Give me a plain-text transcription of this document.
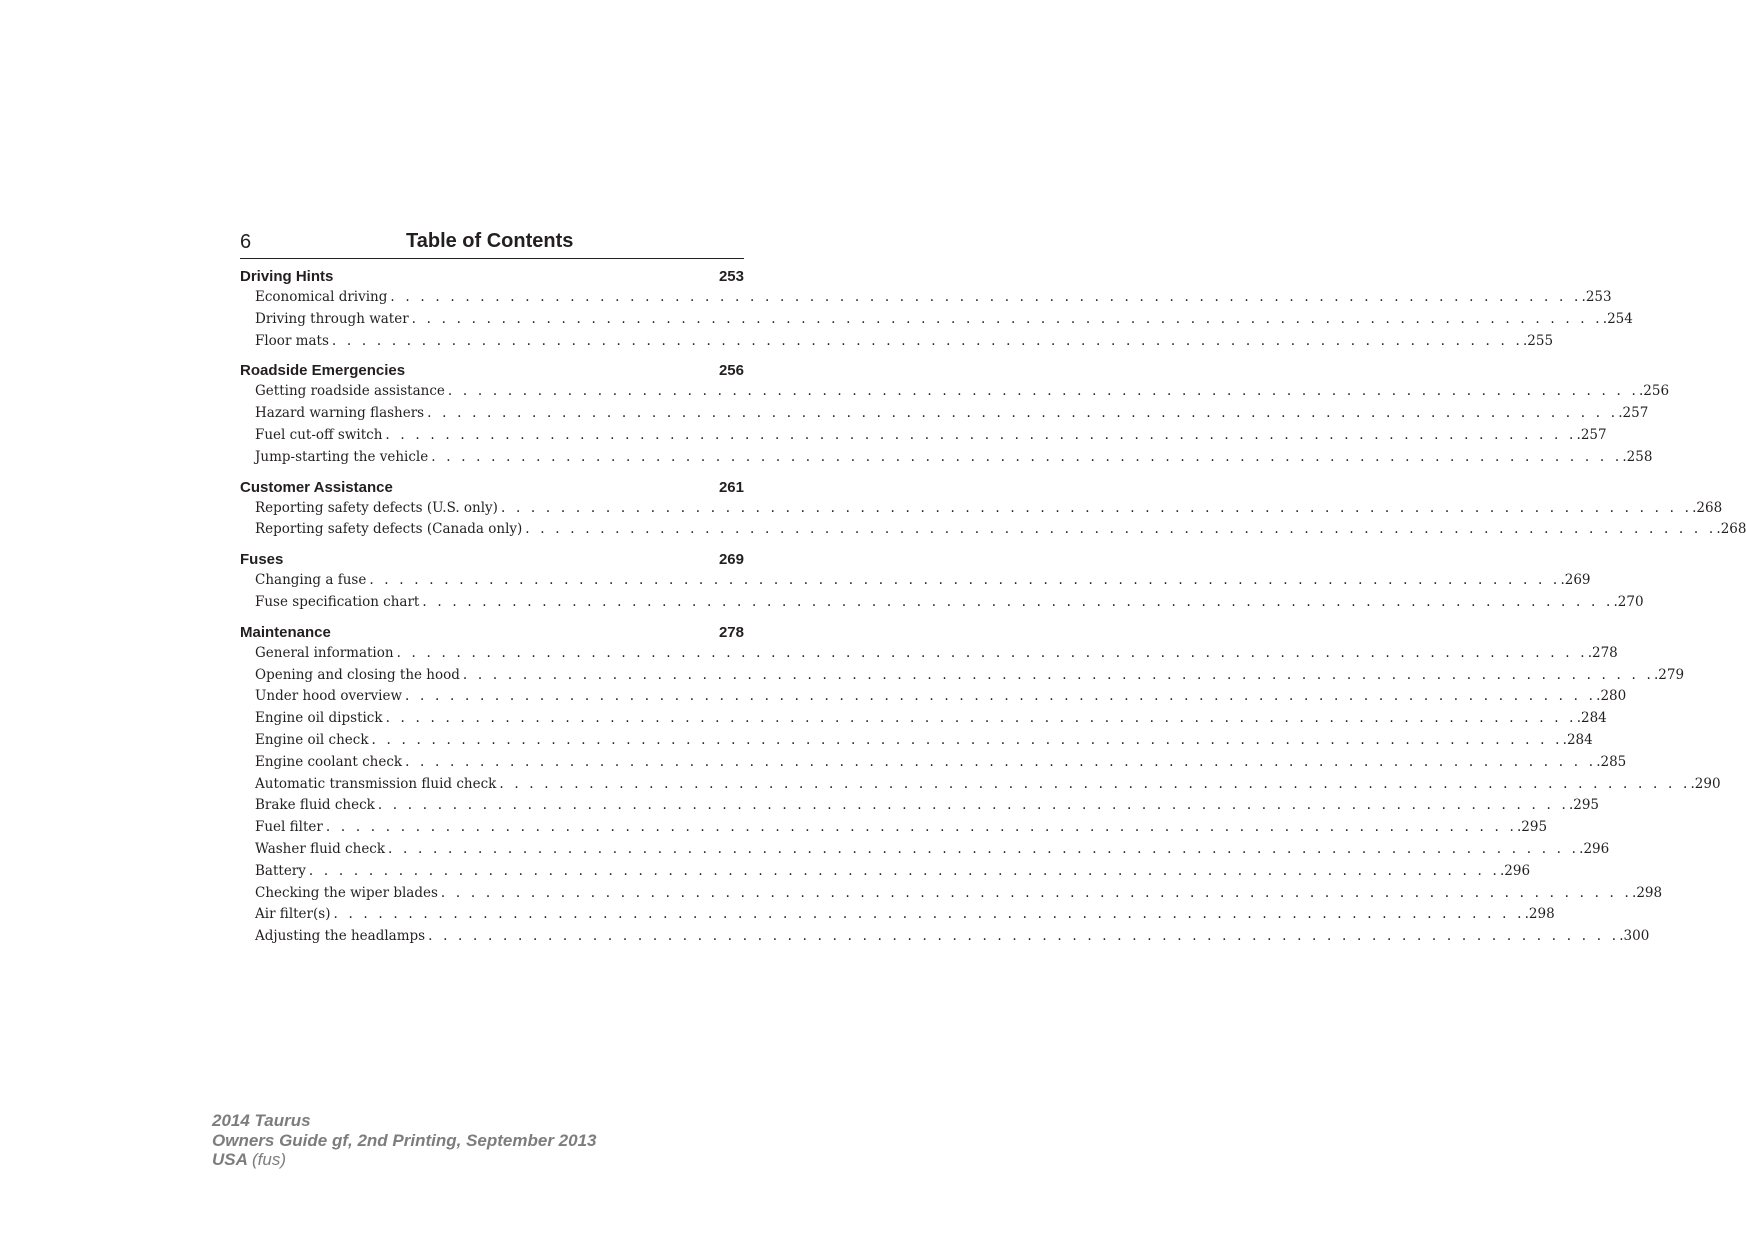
6	Table of Contents
Driving Hints	253
Economical driving . . . . . . . . . . . . . . . . . . . . . . . . . . . . . . . . . . . . . . . . . . . . . . . . . . . . . . . . . . . . . . . . . . . . . . . . . . . . . . . . .253
Driving through water . . . . . . . . . . . . . . . . . . . . . . . . . . . . . . . . . . . . . . . . . . . . . . . . . . . . . . . . . . . . . . . . . . . . . . . . . . . . . . . . .254
Floor mats . . . . . . . . . . . . . . . . . . . . . . . . . . . . . . . . . . . . . . . . . . . . . . . . . . . . . . . . . . . . . . . . . . . . . . . . . . . . . . . . .255
Roadside Emergencies	256
Getting roadside assistance . . . . . . . . . . . . . . . . . . . . . . . . . . . . . . . . . . . . . . . . . . . . . . . . . . . . . . . . . . . . . . . . . . . . . . . . . . . . . . . . .256
Hazard warning flashers . . . . . . . . . . . . . . . . . . . . . . . . . . . . . . . . . . . . . . . . . . . . . . . . . . . . . . . . . . . . . . . . . . . . . . . . . . . . . . . . .257
Fuel cut-off switch . . . . . . . . . . . . . . . . . . . . . . . . . . . . . . . . . . . . . . . . . . . . . . . . . . . . . . . . . . . . . . . . . . . . . . . . . . . . . . . . .257
Jump-starting the vehicle . . . . . . . . . . . . . . . . . . . . . . . . . . . . . . . . . . . . . . . . . . . . . . . . . . . . . . . . . . . . . . . . . . . . . . . . . . . . . . . . .258
Customer Assistance	261
Reporting safety defects (U.S. only) . . . . . . . . . . . . . . . . . . . . . . . . . . . . . . . . . . . . . . . . . . . . . . . . . . . . . . . . . . . . . . . . . . . . . . . . . . . . . . . . .268
Reporting safety defects (Canada only) . . . . . . . . . . . . . . . . . . . . . . . . . . . . . . . . . . . . . . . . . . . . . . . . . . . . . . . . . . . . . . . . . . . . . . . . . . . . . . . . .268
Fuses	269
Changing a fuse . . . . . . . . . . . . . . . . . . . . . . . . . . . . . . . . . . . . . . . . . . . . . . . . . . . . . . . . . . . . . . . . . . . . . . . . . . . . . . . . .269
Fuse specification chart . . . . . . . . . . . . . . . . . . . . . . . . . . . . . . . . . . . . . . . . . . . . . . . . . . . . . . . . . . . . . . . . . . . . . . . . . . . . . . . . .270
Maintenance	278
General information . . . . . . . . . . . . . . . . . . . . . . . . . . . . . . . . . . . . . . . . . . . . . . . . . . . . . . . . . . . . . . . . . . . . . . . . . . . . . . . . .278
Opening and closing the hood . . . . . . . . . . . . . . . . . . . . . . . . . . . . . . . . . . . . . . . . . . . . . . . . . . . . . . . . . . . . . . . . . . . . . . . . . . . . . . . . .279
Under hood overview . . . . . . . . . . . . . . . . . . . . . . . . . . . . . . . . . . . . . . . . . . . . . . . . . . . . . . . . . . . . . . . . . . . . . . . . . . . . . . . . .280
Engine oil dipstick . . . . . . . . . . . . . . . . . . . . . . . . . . . . . . . . . . . . . . . . . . . . . . . . . . . . . . . . . . . . . . . . . . . . . . . . . . . . . . . . .284
Engine oil check . . . . . . . . . . . . . . . . . . . . . . . . . . . . . . . . . . . . . . . . . . . . . . . . . . . . . . . . . . . . . . . . . . . . . . . . . . . . . . . . .284
Engine coolant check . . . . . . . . . . . . . . . . . . . . . . . . . . . . . . . . . . . . . . . . . . . . . . . . . . . . . . . . . . . . . . . . . . . . . . . . . . . . . . . . .285
Automatic transmission fluid check . . . . . . . . . . . . . . . . . . . . . . . . . . . . . . . . . . . . . . . . . . . . . . . . . . . . . . . . . . . . . . . . . . . . . . . . . . . . . . . . .290
Brake fluid check . . . . . . . . . . . . . . . . . . . . . . . . . . . . . . . . . . . . . . . . . . . . . . . . . . . . . . . . . . . . . . . . . . . . . . . . . . . . . . . . .295
Fuel filter . . . . . . . . . . . . . . . . . . . . . . . . . . . . . . . . . . . . . . . . . . . . . . . . . . . . . . . . . . . . . . . . . . . . . . . . . . . . . . . . .295
Washer fluid check . . . . . . . . . . . . . . . . . . . . . . . . . . . . . . . . . . . . . . . . . . . . . . . . . . . . . . . . . . . . . . . . . . . . . . . . . . . . . . . . .296
Battery . . . . . . . . . . . . . . . . . . . . . . . . . . . . . . . . . . . . . . . . . . . . . . . . . . . . . . . . . . . . . . . . . . . . . . . . . . . . . . . . .296
Checking the wiper blades . . . . . . . . . . . . . . . . . . . . . . . . . . . . . . . . . . . . . . . . . . . . . . . . . . . . . . . . . . . . . . . . . . . . . . . . . . . . . . . . .298
Air filter(s) . . . . . . . . . . . . . . . . . . . . . . . . . . . . . . . . . . . . . . . . . . . . . . . . . . . . . . . . . . . . . . . . . . . . . . . . . . . . . . . . .298
Adjusting the headlamps . . . . . . . . . . . . . . . . . . . . . . . . . . . . . . . . . . . . . . . . . . . . . . . . . . . . . . . . . . . . . . . . . . . . . . . . . . . . . . . . .300
2014 Taurus
Owners Guide gf, 2nd Printing, September 2013
USA (fus)
